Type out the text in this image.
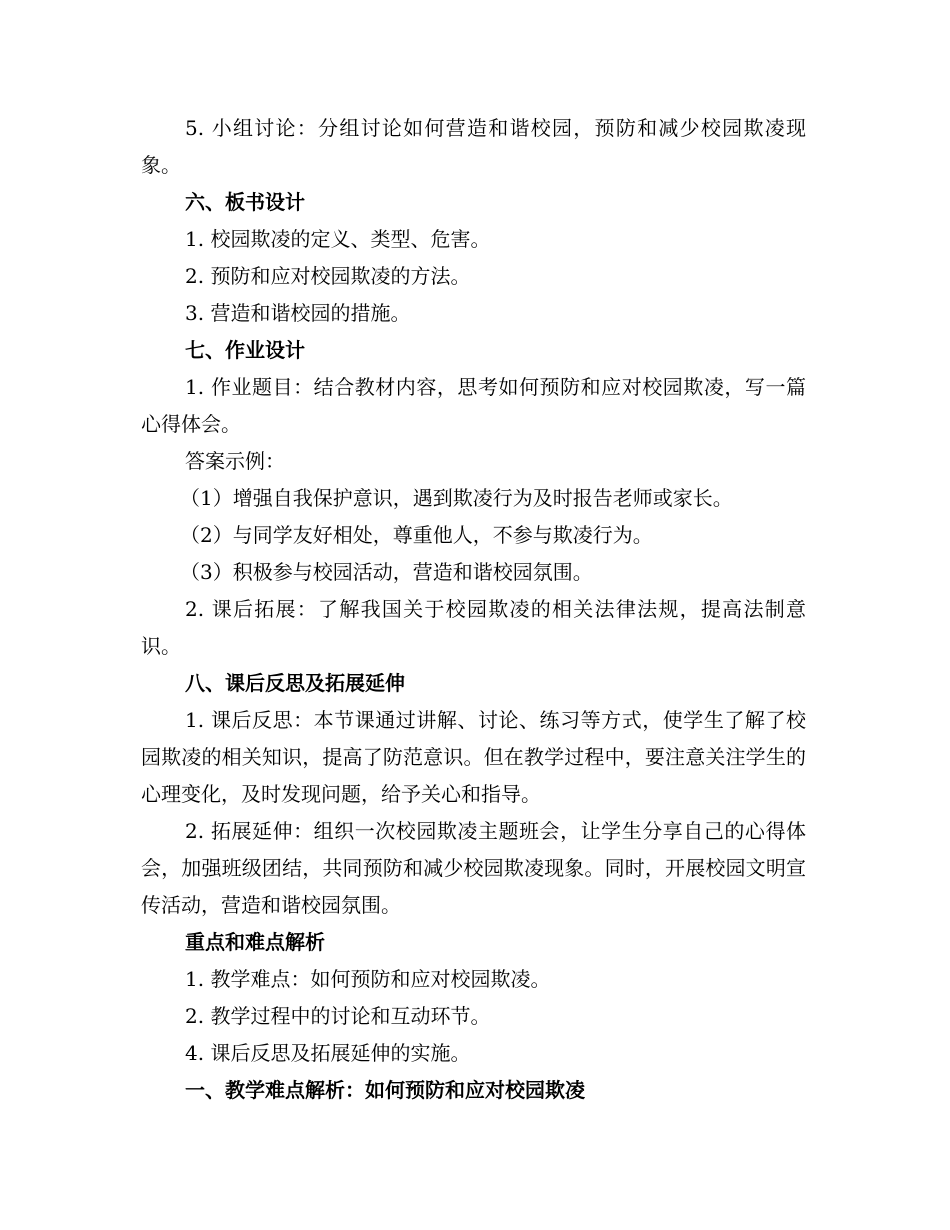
5. 小组讨论：分组讨论如何营造和谐校园，预防和减少校园欺凌现象。

六、板书设计

1. 校园欺凌的定义、类型、危害。

2. 预防和应对校园欺凌的方法。

3. 营造和谐校园的措施。

七、作业设计

1. 作业题目：结合教材内容，思考如何预防和应对校园欺凌，写一篇心得体会。

答案示例：

（1）增强自我保护意识，遇到欺凌行为及时报告老师或家长。

（2）与同学友好相处，尊重他人，不参与欺凌行为。

（3）积极参与校园活动，营造和谐校园氛围。

2. 课后拓展：了解我国关于校园欺凌的相关法律法规，提高法制意识。

八、课后反思及拓展延伸

1. 课后反思：本节课通过讲解、讨论、练习等方式，使学生了解了校园欺凌的相关知识，提高了防范意识。但在教学过程中，要注意关注学生的心理变化，及时发现问题，给予关心和指导。

2. 拓展延伸：组织一次校园欺凌主题班会，让学生分享自己的心得体会，加强班级团结，共同预防和减少校园欺凌现象。同时，开展校园文明宣传活动，营造和谐校园氛围。

重点和难点解析

1. 教学难点：如何预防和应对校园欺凌。

2. 教学过程中的讨论和互动环节。

4. 课后反思及拓展延伸的实施。

一、教学难点解析：如何预防和应对校园欺凌
